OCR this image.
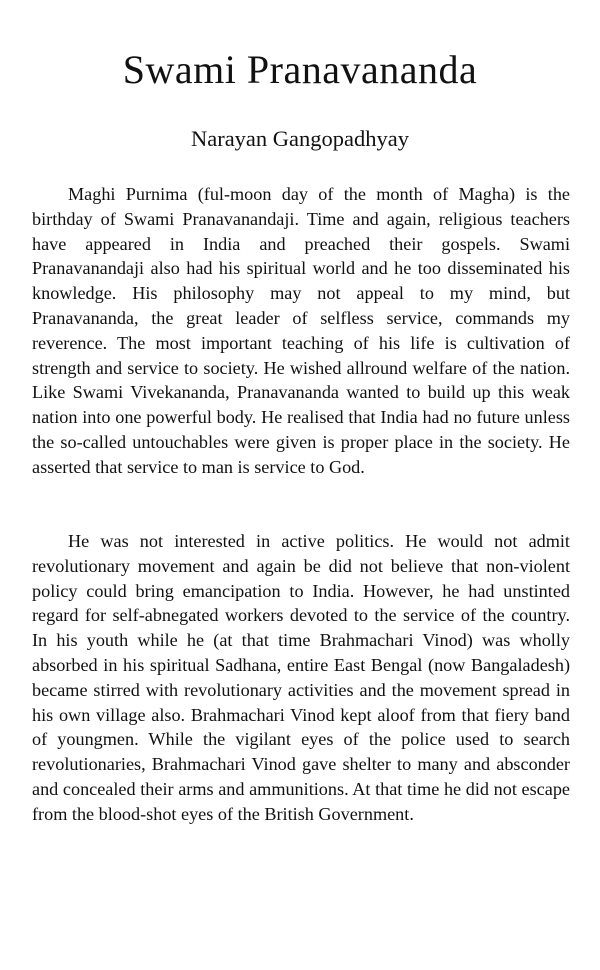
Swami Pranavananda
Narayan Gangopadhyay

Maghi Purnima (ful-moon day of the month of Magha) is the birthday of Swami Pranavanandaji. Time and again, religious teachers have appeared in India and preached their gospels. Swami Pranavanandaji also had his spiritual world and he too disseminated his knowledge. His philosophy may not appeal to my mind, but Pranavananda, the great leader of selfless service, commands my reverence. The most important teaching of his life is cultivation of strength and service to society. He wished allround welfare of the nation. Like Swami Vivekananda, Pranavananda wanted to build up this weak nation into one powerful body. He realised that India had no future unless the so-called untouchables were given is proper place in the society. He asserted that service to man is service to God.

He was not interested in active politics. He would not admit revolutionary movement and again be did not believe that non-violent policy could bring emancipation to India. However, he had unstinted regard for self-abnegated workers devoted to the service of the country. In his youth while he (at that time Brahmachari Vinod) was wholly absorbed in his spiritual Sadhana, entire East Bengal (now Bangaladesh) became stirred with revolutionary activities and the movement spread in his own village also. Brahmachari Vinod kept aloof from that fiery band of youngmen. While the vigilant eyes of the police used to search revolutionaries, Brahmachari Vinod gave shelter to many and absconder and concealed their arms and ammunitions. At that time he did not escape from the blood-shot eyes of the British Government.
